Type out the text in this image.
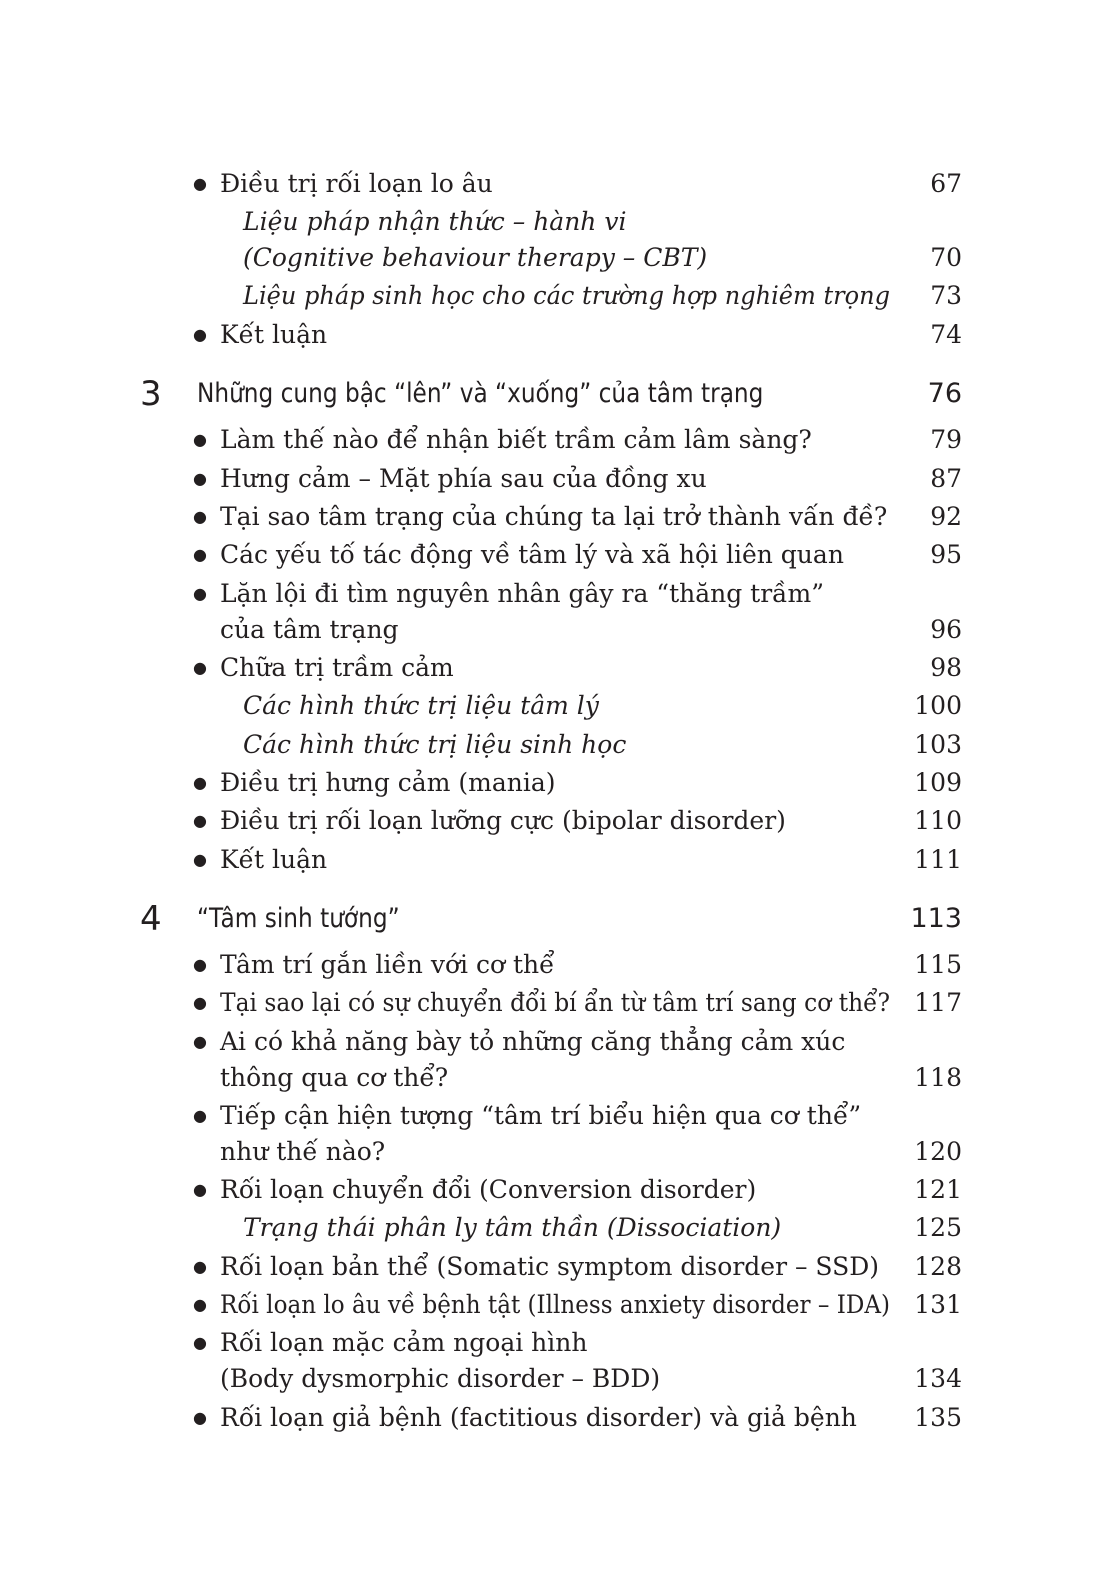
● Điều trị rối loạn lo âu	67
Liệu pháp nhận thức – hành vi
(Cognitive behaviour therapy – CBT)	70
Liệu pháp sinh học cho các trường hợp nghiêm trọng 73
● Kết luận	74
3 Những cung bậc “lên” và “xuống” của tâm trạng	76
● Làm thế nào để nhận biết trầm cảm lâm sàng?	79
● Hưng cảm – Mặt phía sau của đồng xu	87
● Tại sao tâm trạng của chúng ta lại trở thành vấn đề? 92
● Các yếu tố tác động về tâm lý và xã hội liên quan	95
● Lặn lội đi tìm nguyên nhân gây ra “thăng trầm”
của tâm trạng	96
● Chữa trị trầm cảm	98
Các hình thức trị liệu tâm lý	100
Các hình thức trị liệu sinh học	103
● Điều trị hưng cảm (mania)	109
● Điều trị rối loạn lưỡng cực (bipolar disorder)	110
● Kết luận	111
4 “Tâm sinh tướng”	113
● Tâm trí gắn liền với cơ thể	115
● Tại sao lại có sự chuyển đổi bí ẩn từ tâm trí sang cơ thể? 117
● Ai có khả năng bày tỏ những căng thẳng cảm xúc
thông qua cơ thể?	118
● Tiếp cận hiện tượng “tâm trí biểu hiện qua cơ thể”
như thế nào?	120
● Rối loạn chuyển đổi (Conversion disorder)	121
Trạng thái phân ly tâm thần (Dissociation)	125
● Rối loạn bản thể (Somatic symptom disorder – SSD) 128
● Rối loạn lo âu về bệnh tật (Illness anxiety disorder – IDA) 131
● Rối loạn mặc cảm ngoại hình
(Body dysmorphic disorder – BDD)	134
● Rối loạn giả bệnh (factitious disorder) và giả bệnh 135
